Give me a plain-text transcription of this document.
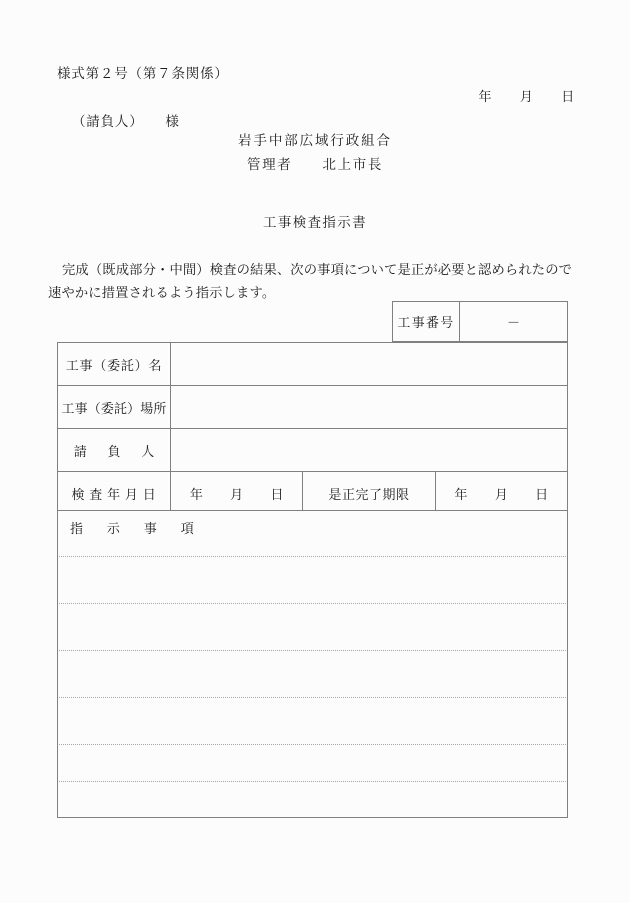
様式第２号（第７条関係）
年　　月　　日
（請負人）　　様
岩手中部広域行政組合
管理者　　北上市長
工事検査指示書
完成（既成部分・中間）検査の結果、次の事項について是正が必要と認められたので
速やかに措置されるよう指示します。
工事番号	－
工事（委託）名			
工事（委託）場所			
請　負　人			
検 査 年 月 日	年　月　日	是正完了期限	年　月　日
指　示　事　項
